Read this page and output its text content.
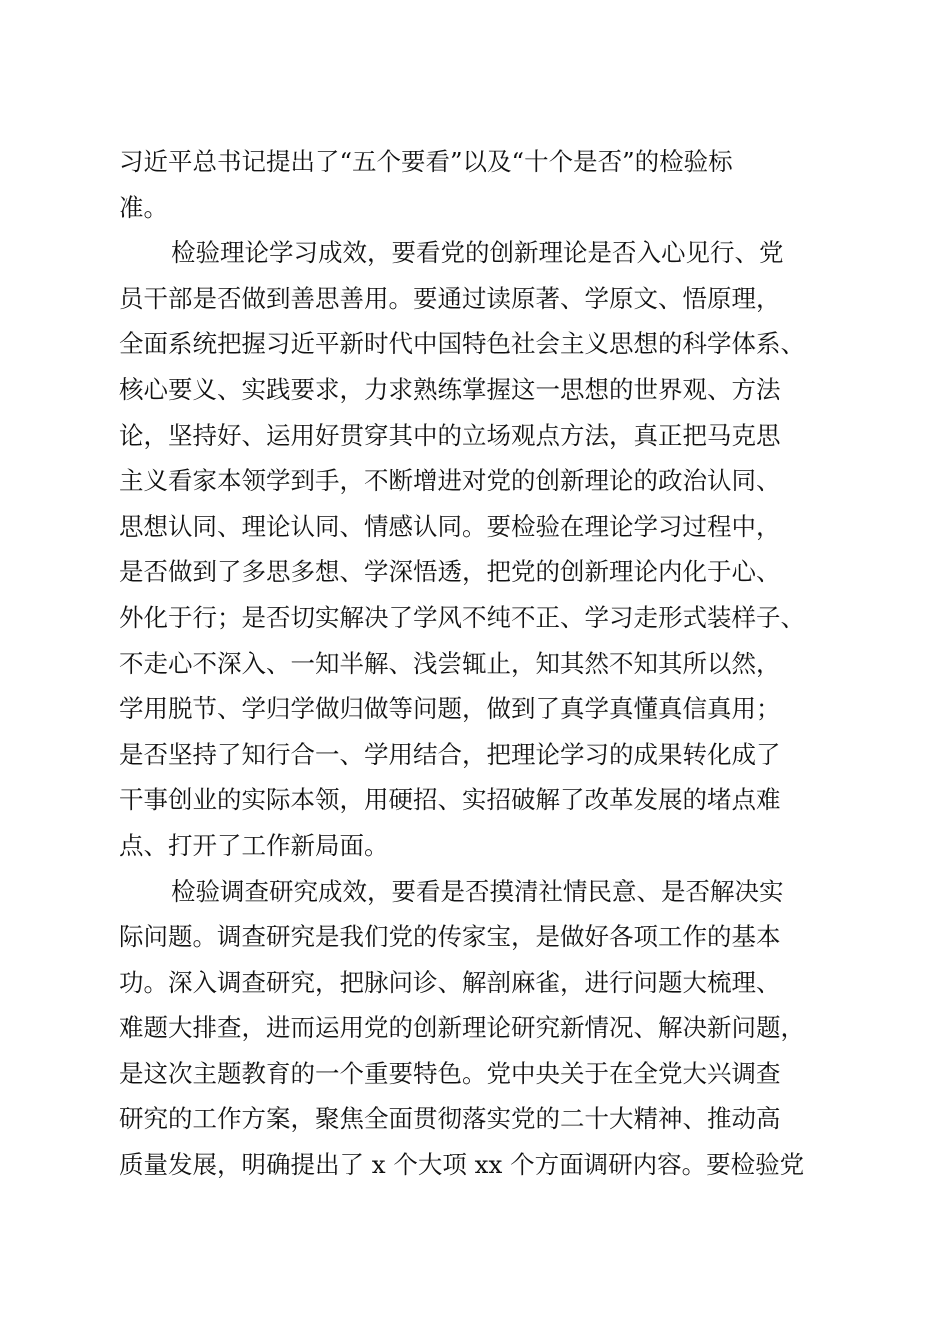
习近平总书记提出了“五个要看”以及“十个是否”的检验标
准。
检验理论学习成效，要看党的创新理论是否入心见行、党
员干部是否做到善思善用。要通过读原著、学原文、悟原理，
全面系统把握习近平新时代中国特色社会主义思想的科学体系、
核心要义、实践要求，力求熟练掌握这一思想的世界观、方法
论，坚持好、运用好贯穿其中的立场观点方法，真正把马克思
主义看家本领学到手，不断增进对党的创新理论的政治认同、
思想认同、理论认同、情感认同。要检验在理论学习过程中，
是否做到了多思多想、学深悟透，把党的创新理论内化于心、
外化于行；是否切实解决了学风不纯不正、学习走形式装样子、
不走心不深入、一知半解、浅尝辄止，知其然不知其所以然，
学用脱节、学归学做归做等问题，做到了真学真懂真信真用；
是否坚持了知行合一、学用结合，把理论学习的成果转化成了
干事创业的实际本领，用硬招、实招破解了改革发展的堵点难
点、打开了工作新局面。
检验调查研究成效，要看是否摸清社情民意、是否解决实
际问题。调查研究是我们党的传家宝，是做好各项工作的基本
功。深入调查研究，把脉问诊、解剖麻雀，进行问题大梳理、
难题大排查，进而运用党的创新理论研究新情况、解决新问题，
是这次主题教育的一个重要特色。党中央关于在全党大兴调查
研究的工作方案，聚焦全面贯彻落实党的二十大精神、推动高
质量发展，明确提出了 x 个大项 xx 个方面调研内容。要检验党
